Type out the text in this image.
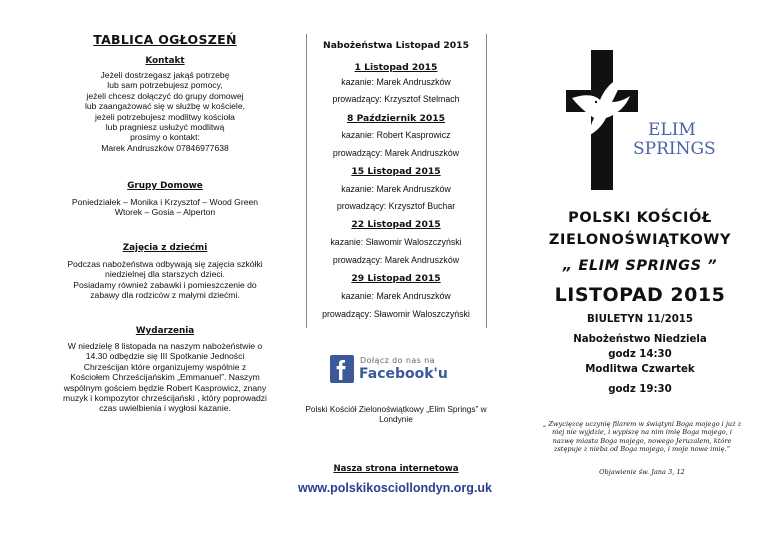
TABLICA OGŁOSZEŃ
Kontakt
Jeżeli dostrzegasz jakąś potrzebę
lub sam potrzebujesz pomocy,
jeżeli chcesz dołączyć do grupy domowej
lub zaangażować się w służbę w kościele,
jeżeli potrzebujesz modlitwy kościoła
lub pragniesz usłużyć modlitwą
prosimy o kontakt:
Marek Andruszków 07846977638
Grupy Domowe
Poniedziałek – Monika i Krzysztof – Wood Green
Wtorek – Gosia – Alperton
Zajęcia z dziećmi
Podczas nabożeństwa odbywają się zajęcia szkółki
niedzielnej dla starszych dzieci.
Posiadamy również zabawki i pomieszczenie do
zabawy dla rodziców z małymi dziećmi.
Wydarzenia
W niedzielę 8 listopada na naszym nabożeństwie o
14.30 odbędzie się III Spotkanie Jedności
Chrześcijan które organizujemy wspólnie z
Kościołem Chrześcijańskim „Emmanuel”. Naszym
wspólnym gościem będzie Robert Kasprowicz, znany
muzyk i kompozytor chrześcijański , który poprowadzi
czas uwielbienia i wygłosi kazanie.
Nabożeństwa Listopad 2015
1 Listopad 2015
kazanie: Marek Andruszków
prowadzący: Krzysztof Stelmach
8 Październik 2015
kazanie: Robert Kasprowicz
prowadzący: Marek Andruszków
15 Listopad 2015
kazanie: Marek Andruszków
prowadzący: Krzysztof Buchar
22 Listopad 2015
kazanie: Sławomir Waloszczyński
prowadzący: Marek Andruszków
29 Listopad 2015
kazanie: Marek Andruszków
prowadzący: Sławomir Waloszczyński
Dołącz do nas na
Facebook'u
Polski Kościół Zielonoświątkowy „Elim Springs” w
Londynie
Nasza strona internetowa
www.polskikosciollondyn.org.uk
ELIM
SPRINGS
POLSKI KOŚCIÓŁ
ZIELONOŚWIĄTKOWY
„ ELIM SPRINGS ”
LISTOPAD 2015
BIULETYN 11/2015
Nabożeństwo Niedziela
godz 14:30
Modlitwa Czwartek
godz 19:30
„ Zwycięzcę uczynię filarem w świątyni Boga mojego i już z
niej nie wyjdzie, i wypiszę na nim imię Boga mojego, i
nazwę miasta Boga mojego, nowego Jeruzalem, które
zstępuje z nieba od Boga mojego, i moje nowe imię.”
Objawienie św. Jana 3, 12
